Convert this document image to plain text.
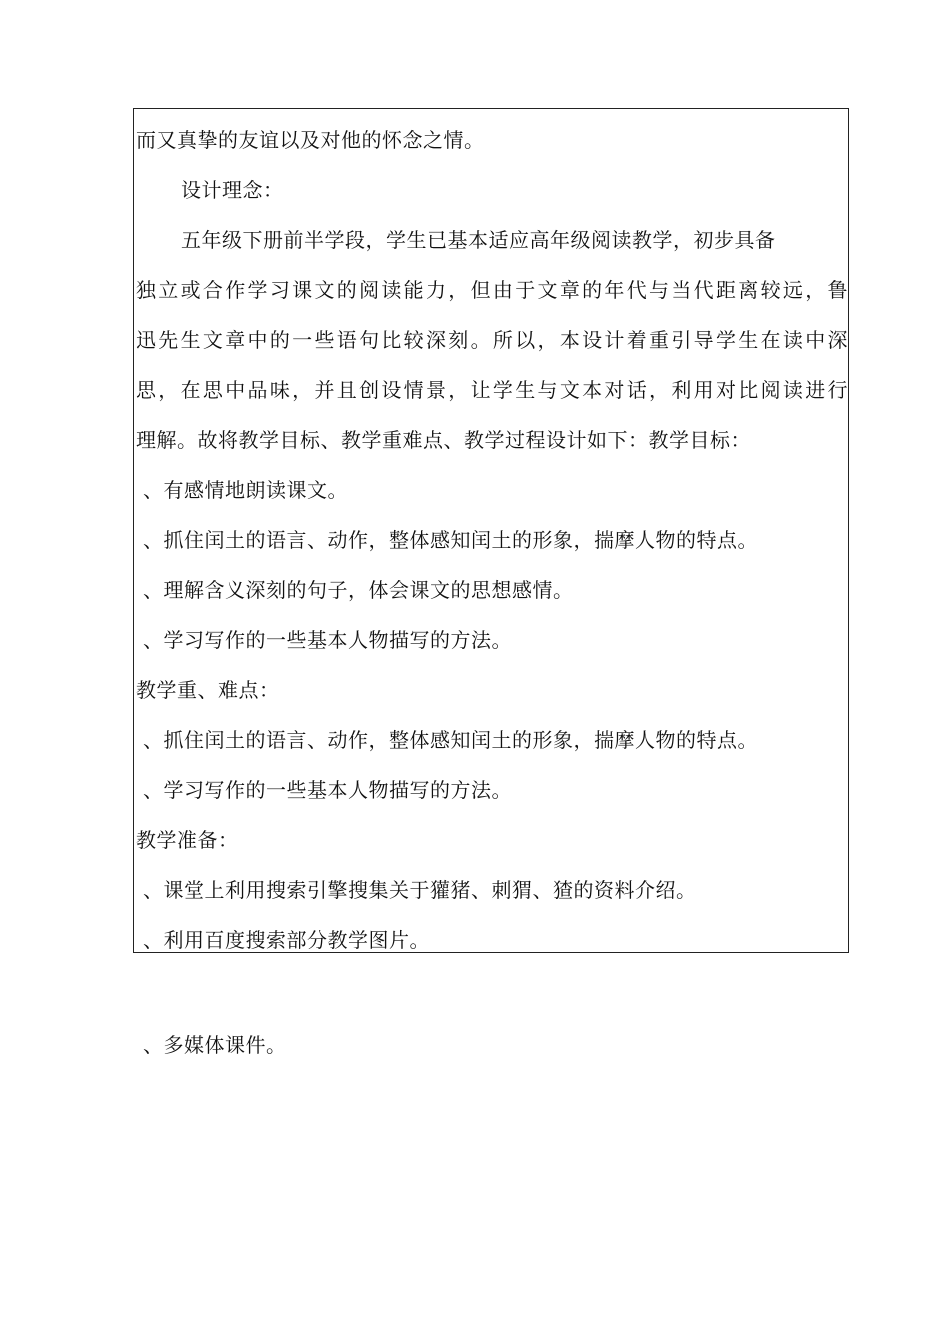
而又真挚的友谊以及对他的怀念之情。
设计理念：
五年级下册前半学段，学生已基本适应高年级阅读教学，初步具备
独立或合作学习课文的阅读能力，但由于文章的年代与当代距离较远，鲁
迅先生文章中的一些语句比较深刻。所以，本设计着重引导学生在读中深
思，在思中品味，并且创设情景，让学生与文本对话，利用对比阅读进行
理解。故将教学目标、教学重难点、教学过程设计如下：教学目标：
、有感情地朗读课文。
、抓住闰土的语言、动作，整体感知闰土的形象，揣摩人物的特点。
、理解含义深刻的句子，体会课文的思想感情。
、学习写作的一些基本人物描写的方法。
教学重、难点：
、抓住闰土的语言、动作，整体感知闰土的形象，揣摩人物的特点。
、学习写作的一些基本人物描写的方法。
教学准备：
、课堂上利用搜索引擎搜集关于獾猪、刺猬、猹的资料介绍。
、利用百度搜索部分教学图片。
、多媒体课件。
